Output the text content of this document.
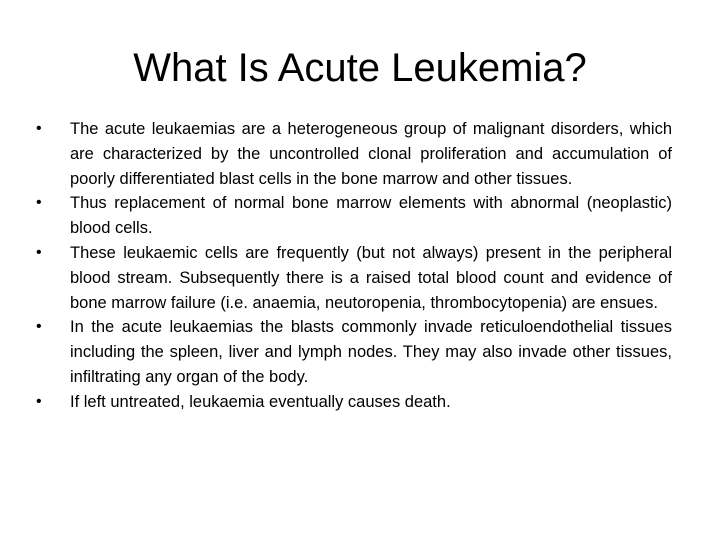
What Is Acute Leukemia?
•	The acute leukaemias are a heterogeneous group of malignant disorders, which are characterized by the uncontrolled clonal proliferation and accumulation of poorly differentiated blast cells in the bone marrow and other tissues.
•	Thus replacement of normal bone marrow elements with abnormal (neoplastic) blood cells.
•	These leukaemic cells are frequently (but not always) present in the peripheral blood stream. Subsequently there is a raised total blood count and evidence of bone marrow failure (i.e. anaemia, neutoropenia, thrombocytopenia) are ensues.
•	In the acute leukaemias the blasts commonly invade reticuloendothelial tissues including the spleen, liver and lymph nodes. They may also invade other tissues, infiltrating any organ of the body.
•	If left untreated, leukaemia eventually causes death.
